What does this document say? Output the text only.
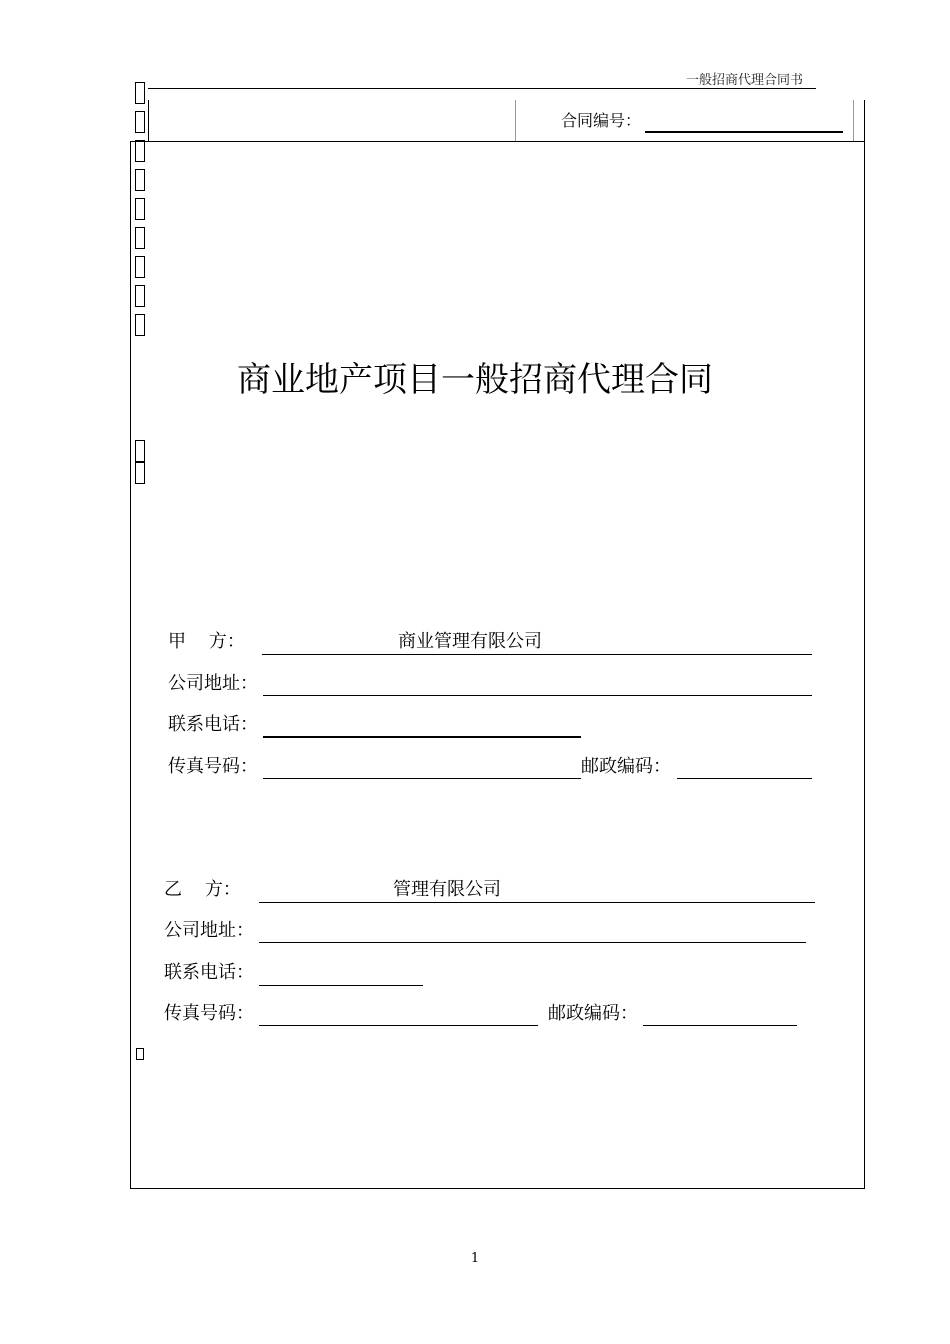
一般招商代理合同书
合同编号：
商业地产项目一般招商代理合同
甲    方：	商业管理有限公司
公司地址：
联系电话：
传真号码：	邮政编码：
乙    方：	管理有限公司
公司地址：
联系电话：
传真号码：	邮政编码：
1
